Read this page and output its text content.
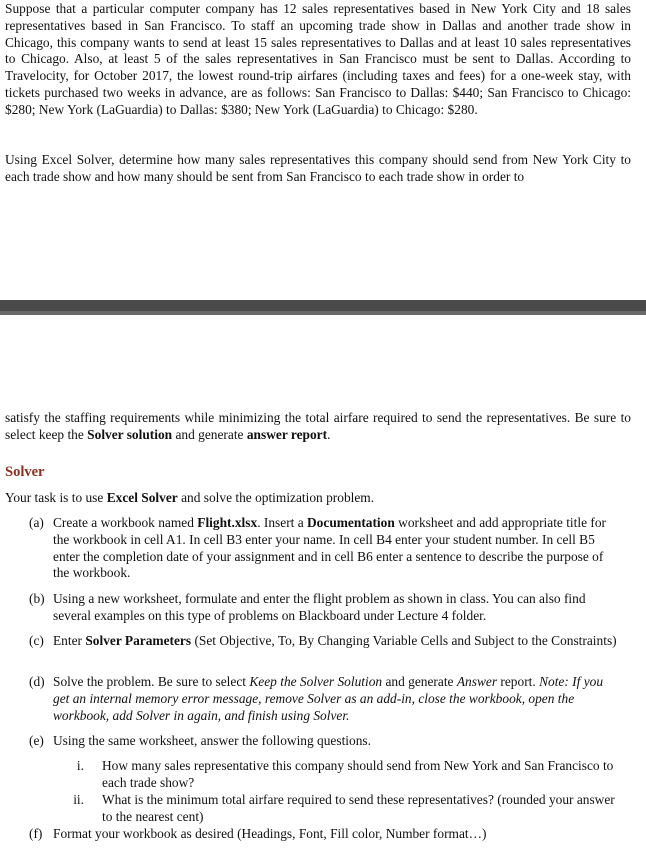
Suppose that a particular computer company has 12 sales representatives based in New York City and 18 sales representatives based in San Francisco. To staff an upcoming trade show in Dallas and another trade show in Chicago, this company wants to send at least 15 sales representatives to Dallas and at least 10 sales representatives to Chicago. Also, at least 5 of the sales representatives in San Francisco must be sent to Dallas. According to Travelocity, for October 2017, the lowest round-trip airfares (including taxes and fees) for a one-week stay, with tickets purchased two weeks in advance, are as follows: San Francisco to Dallas: $440; San Francisco to Chicago: $280; New York (LaGuardia) to Dallas: $380; New York (LaGuardia) to Chicago: $280.

Using Excel Solver, determine how many sales representatives this company should send from New York City to each trade show and how many should be sent from San Francisco to each trade show in order to

satisfy the staffing requirements while minimizing the total airfare required to send the representatives. Be sure to select keep the Solver solution and generate answer report.

Solver
Your task is to use Excel Solver and solve the optimization problem.
(a) Create a workbook named Flight.xlsx. Insert a Documentation worksheet and add appropriate title for the workbook in cell A1. In cell B3 enter your name. In cell B4 enter your student number. In cell B5 enter the completion date of your assignment and in cell B6 enter a sentence to describe the purpose of the workbook.
(b) Using a new worksheet, formulate and enter the flight problem as shown in class. You can also find several examples on this type of problems on Blackboard under Lecture 4 folder.
(c) Enter Solver Parameters (Set Objective, To, By Changing Variable Cells and Subject to the Constraints)
(d) Solve the problem. Be sure to select Keep the Solver Solution and generate Answer report. Note: If you get an internal memory error message, remove Solver as an add-in, close the workbook, open the workbook, add Solver in again, and finish using Solver.
(e) Using the same worksheet, answer the following questions.
i. How many sales representative this company should send from New York and San Francisco to each trade show?
ii. What is the minimum total airfare required to send these representatives? (rounded your answer to the nearest cent)
(f) Format your workbook as desired (Headings, Font, Fill color, Number format…)
